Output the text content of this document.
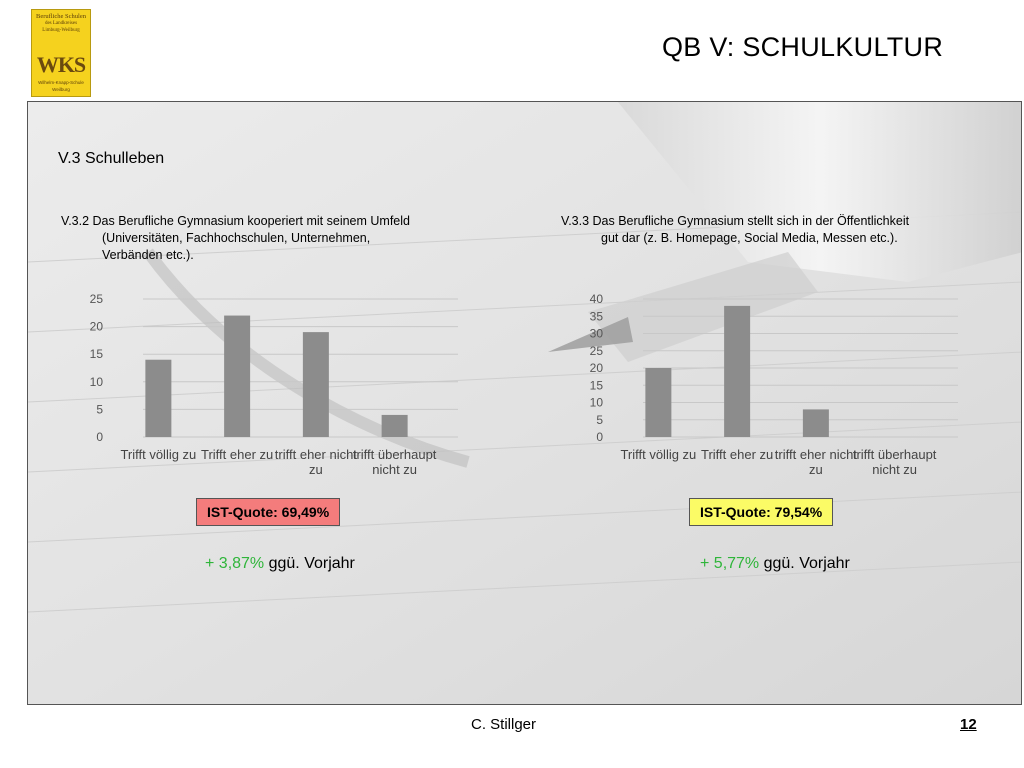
Berufliche Schulen
des Landkreises
Limburg-Weilburg
WKS
Wilhelm-Knapp-Schule
Weilburg
QB V: SCHULKULTUR
V.3 Schulleben
V.3.2 Das Berufliche Gymnasium kooperiert mit seinem Umfeld
(Universitäten, Fachhochschulen, Unternehmen,
Verbänden etc.).
V.3.3 Das Berufliche Gymnasium stellt sich in der Öffentlichkeit
gut dar (z. B. Homepage, Social Media, Messen etc.).
0
5
10
15
20
25
0
5
10
15
20
25
30
35
40
IST-Quote: 69,49%	IST-Quote: 79,54%
+ 3,87% ggü. Vorjahr	+ 5,77% ggü. Vorjahr
Trifft völlig zu Trifft eher zu trifft eher nicht zu
trifft überhaupt nicht zu
Trifft völlig zu Trifft eher zu trifft eher nicht zu
trifft überhaupt nicht zu
C. Stillger	12
